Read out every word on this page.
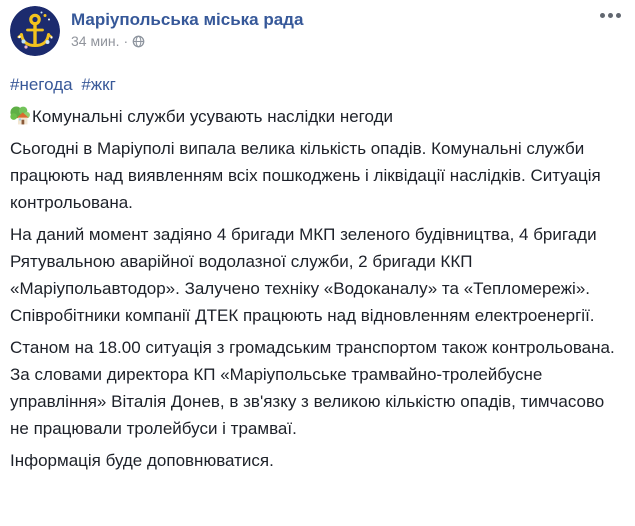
Маріупольська міська рада
34 мин. ·

#негода #жкг

Комунальні служби усувають наслідки негоди

Сьогодні в Маріуполі випала велика кількість опадів. Комунальні служби працюють над виявленням всіх пошкоджень і ліквідації наслідків. Ситуація контрольована.

На даний момент задіяно 4 бригади МКП зеленого будівництва, 4 бригади Рятувальною аварійної водолазної служби, 2 бригади ККП «Маріупольавтодор». Залучено техніку «Водоканалу» та «Тепломережі». Співробітники компанії ДТЕК працюють над відновленням електроенергії.

Станом на 18.00 ситуація з громадським транспортом також контрольована. За словами директора КП «Маріупольське трамвайно-тролейбусне управління» Віталія Донев, в зв'язку з великою кількістю опадів, тимчасово не працювали тролейбуси і трамваї.

Інформація буде доповнюватися.
